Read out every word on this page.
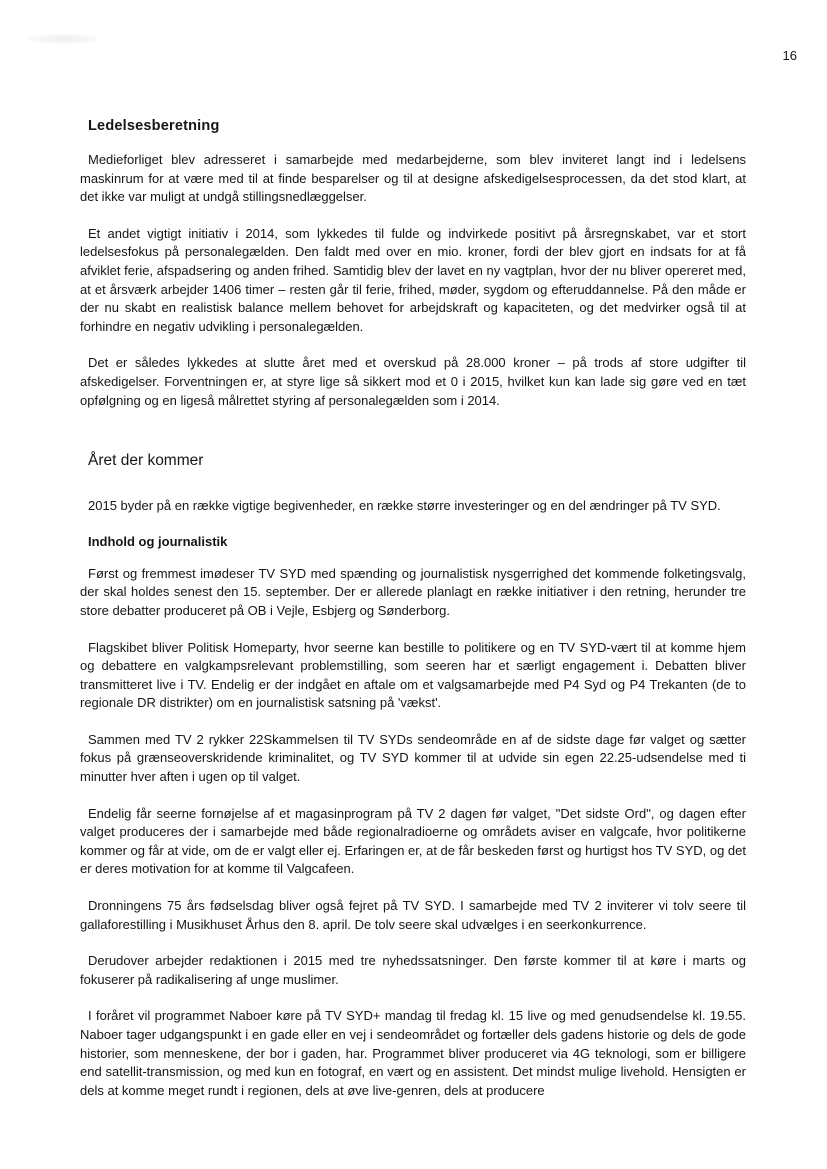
16
Ledelsesberetning

Medieforliget blev adresseret i samarbejde med medarbejderne, som blev inviteret langt ind i ledelsens maskinrum for at være med til at finde besparelser og til at designe afskedigelsesprocessen, da det stod klart, at det ikke var muligt at undgå stillingsnedlæggelser.

Et andet vigtigt initiativ i 2014, som lykkedes til fulde og indvirkede positivt på årsregnskabet, var et stort ledelsesfokus på personalegælden. Den faldt med over en mio. kroner, fordi der blev gjort en indsats for at få afviklet ferie, afspadsering og anden frihed. Samtidig blev der lavet en ny vagtplan, hvor der nu bliver opereret med, at et årsværk arbejder 1406 timer – resten går til ferie, frihed, møder, sygdom og efteruddannelse. På den måde er der nu skabt en realistisk balance mellem behovet for arbejdskraft og kapaciteten, og det medvirker også til at forhindre en negativ udvikling i personalegælden.

Det er således lykkedes at slutte året med et overskud på 28.000 kroner – på trods af store udgifter til afskedigelser. Forventningen er, at styre lige så sikkert mod et 0 i 2015, hvilket kun kan lade sig gøre ved en tæt opfølgning og en ligeså målrettet styring af personalegælden som i 2014.

Året der kommer

2015 byder på en række vigtige begivenheder, en række større investeringer og en del ændringer på TV SYD.

Indhold og journalistik

Først og fremmest imødeser TV SYD med spænding og journalistisk nysgerrighed det kommende folketingsvalg, der skal holdes senest den 15. september. Der er allerede planlagt en række initiativer i den retning, herunder tre store debatter produceret på OB i Vejle, Esbjerg og Sønderborg.

Flagskibet bliver Politisk Homeparty, hvor seerne kan bestille to politikere og en TV SYD-vært til at komme hjem og debattere en valgkampsrelevant problemstilling, som seeren har et særligt engagement i. Debatten bliver transmitteret live i TV. Endelig er der indgået en aftale om et valgsamarbejde med P4 Syd og P4 Trekanten (de to regionale DR distrikter) om en journalistisk satsning på 'vækst'.

Sammen med TV 2 rykker 22Skammelsen til TV SYDs sendeområde en af de sidste dage før valget og sætter fokus på grænseoverskridende kriminalitet, og TV SYD kommer til at udvide sin egen 22.25-udsendelse med ti minutter hver aften i ugen op til valget.

Endelig får seerne fornøjelse af et magasinprogram på TV 2 dagen før valget, "Det sidste Ord", og dagen efter valget produceres der i samarbejde med både regionalradioerne og områdets aviser en valgcafe, hvor politikerne kommer og får at vide, om de er valgt eller ej. Erfaringen er, at de får beskeden først og hurtigst hos TV SYD, og det er deres motivation for at komme til Valgcafeen.

Dronningens 75 års fødselsdag bliver også fejret på TV SYD. I samarbejde med TV 2 inviterer vi tolv seere til gallaforestilling i Musikhuset Århus den 8. april. De tolv seere skal udvælges i en seerkonkurrence.

Derudover arbejder redaktionen i 2015 med tre nyhedssatsninger. Den første kommer til at køre i marts og fokuserer på radikalisering af unge muslimer.

I foråret vil programmet Naboer køre på TV SYD+ mandag til fredag kl. 15 live og med genudsendelse kl. 19.55. Naboer tager udgangspunkt i en gade eller en vej i sendeområdet og fortæller dels gadens historie og dels de gode historier, som menneskene, der bor i gaden, har. Programmet bliver produceret via 4G teknologi, som er billigere end satellit-transmission, og med kun en fotograf, en vært og en assistent. Det mindst mulige livehold. Hensigten er dels at komme meget rundt i regionen, dels at øve live-genren, dels at producere
